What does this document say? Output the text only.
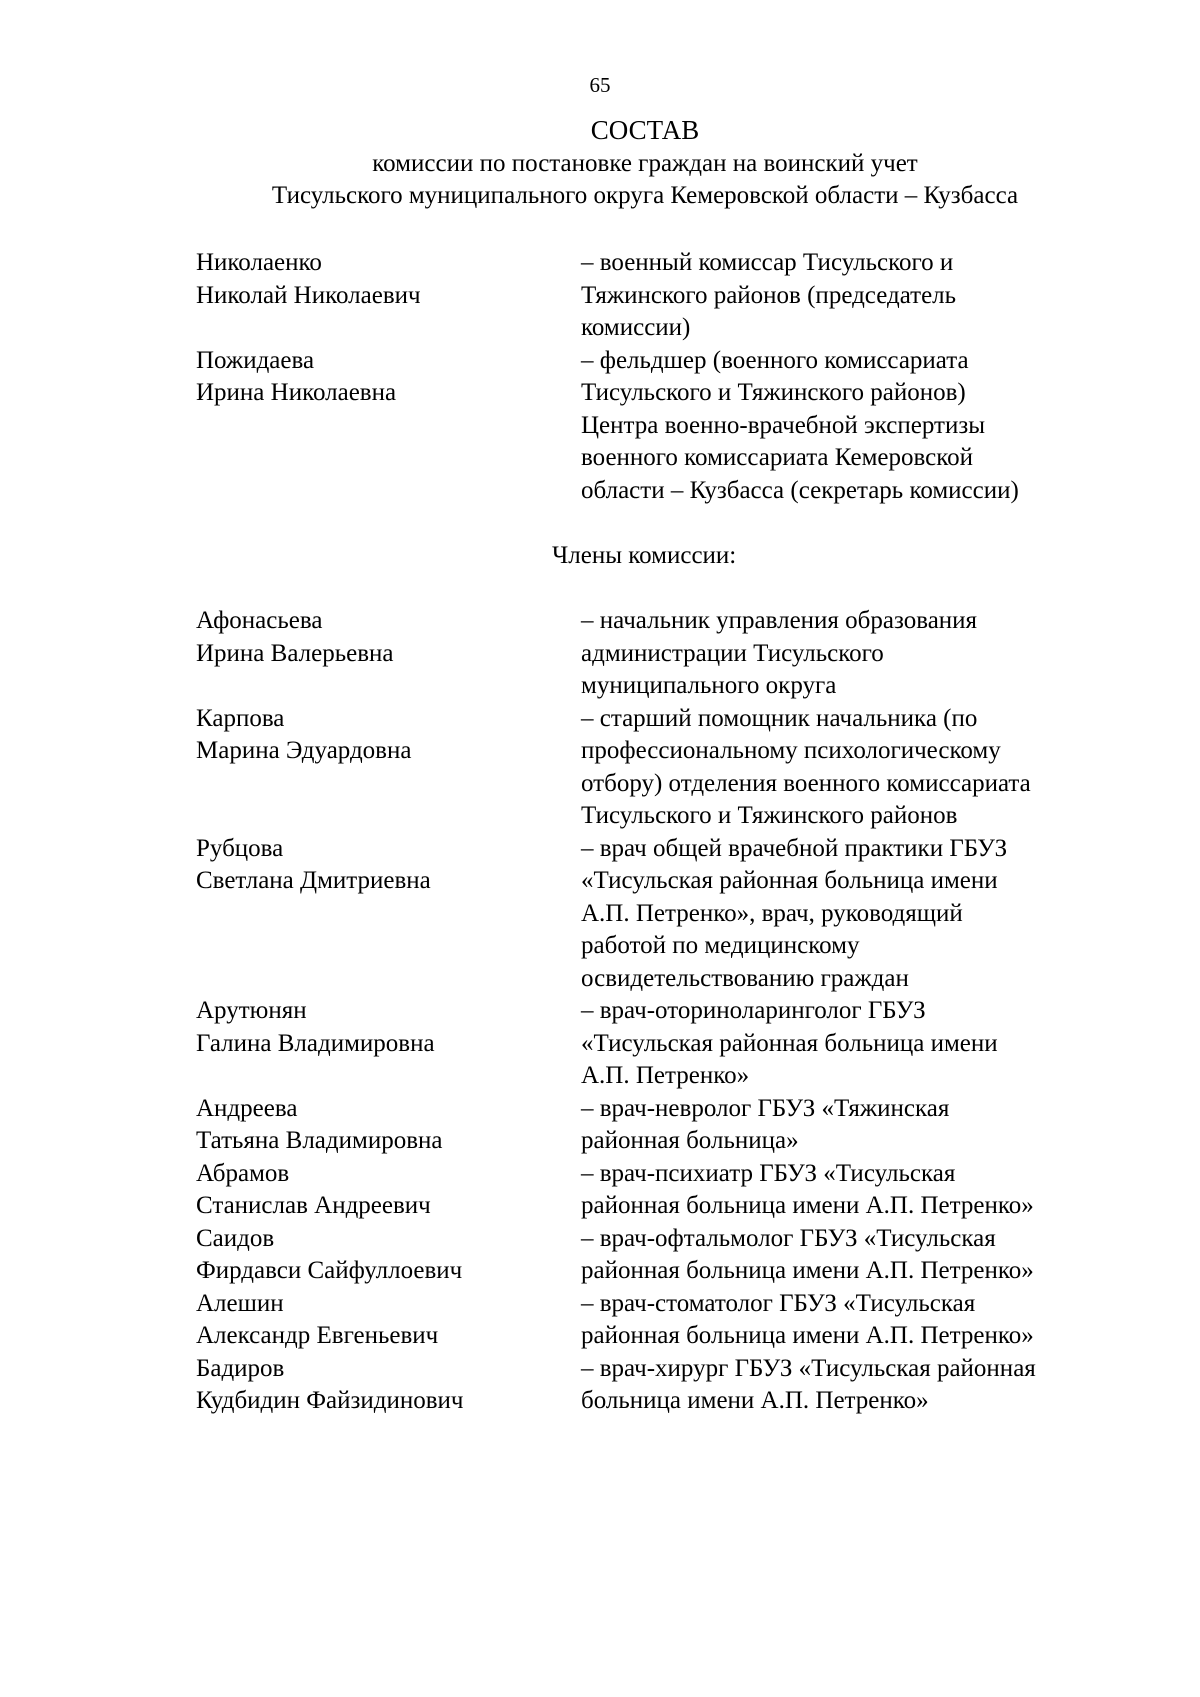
65
СОСТАВ
комиссии по постановке граждан на воинский учет
Тисульского муниципального округа Кемеровской области – Кузбасса
Николаенко
Николай Николаевич
– военный комиссар Тисульского и
Тяжинского районов (председатель
комиссии)
Пожидаева
Ирина Николаевна
– фельдшер (военного комиссариата
Тисульского и Тяжинского районов)
Центра военно-врачебной экспертизы
военного комиссариата Кемеровской
области – Кузбасса (секретарь комиссии)
Члены комиссии:
Афонасьева
Ирина Валерьевна
– начальник управления образования
администрации Тисульского
муниципального округа
Карпова
Марина Эдуардовна
– старший помощник начальника (по
профессиональному психологическому
отбору) отделения военного комиссариата
Тисульского и Тяжинского районов
Рубцова
Светлана Дмитриевна
– врач общей врачебной практики ГБУЗ
«Тисульская районная больница имени
А.П. Петренко», врач, руководящий
работой по медицинскому
освидетельствованию граждан
Арутюнян
Галина Владимировна
– врач-оториноларинголог ГБУЗ
«Тисульская районная больница имени
А.П. Петренко»
Андреева
Татьяна Владимировна
– врач-невролог ГБУЗ «Тяжинская
районная больница»
Абрамов
Станислав Андреевич
– врач-психиатр ГБУЗ «Тисульская
районная больница имени А.П. Петренко»
Саидов
Фирдавси Сайфуллоевич
– врач-офтальмолог ГБУЗ «Тисульская
районная больница имени А.П. Петренко»
Алешин
Александр Евгеньевич
– врач-стоматолог ГБУЗ «Тисульская
районная больница имени А.П. Петренко»
Бадиров
Кудбидин Файзидинович
– врач-хирург ГБУЗ «Тисульская районная
больница имени А.П. Петренко»
